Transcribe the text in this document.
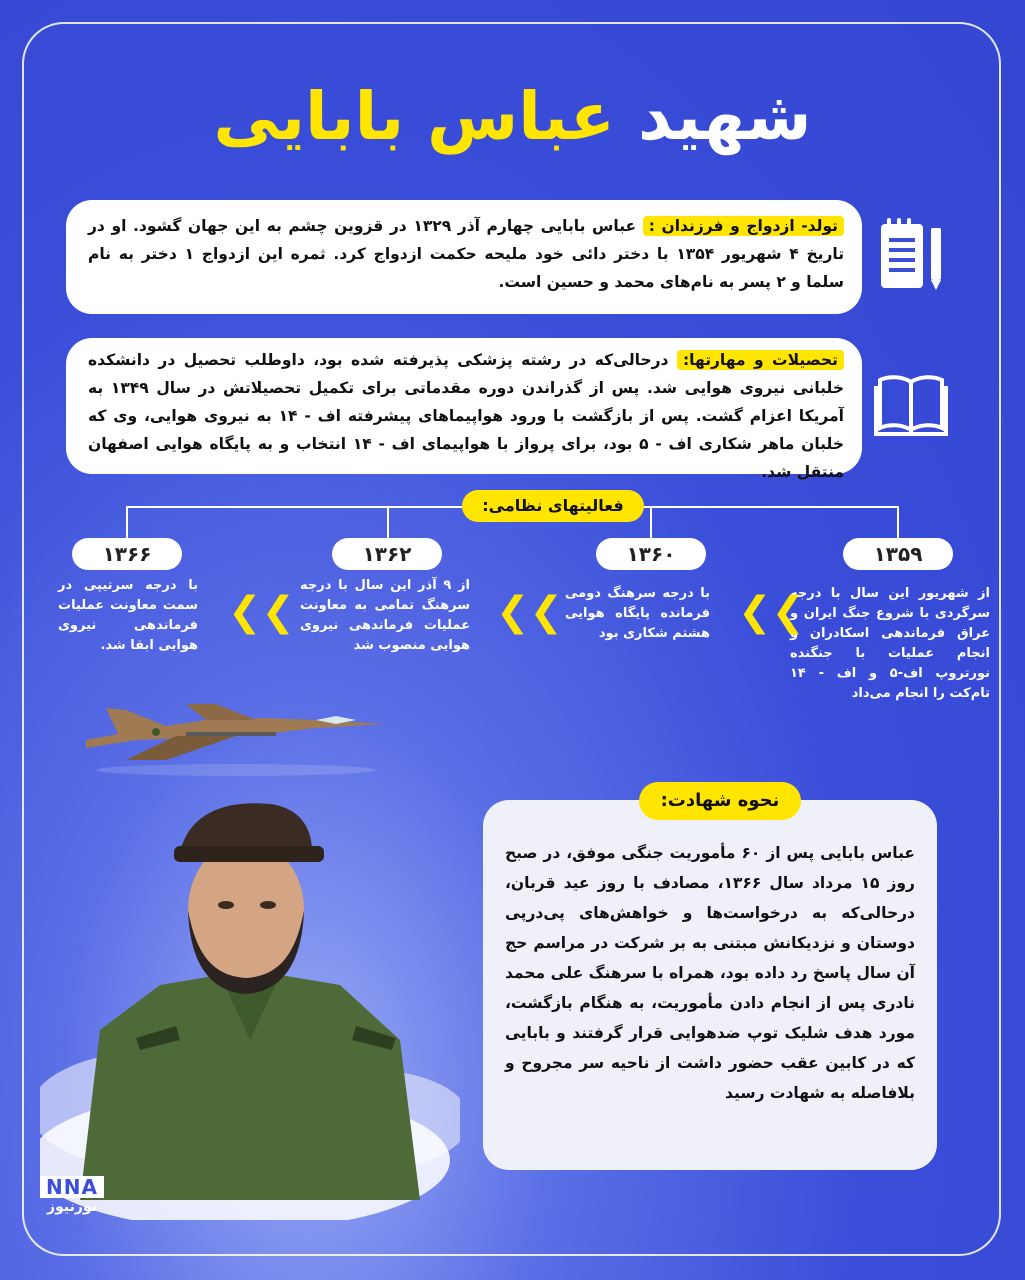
شهید عباس بابایی

تولد- ازدواج و فرزندان : عباس بابایی چهارم آذر ۱۳۲۹ در قزوین چشم به این جهان گشود. او در تاریخ ۴ شهریور ۱۳۵۴ با دختر دائی خود ملیحه حکمت ازدواج کرد. ثمره این ازدواج ۱ دختر به نام سلما و ۲ پسر به نام‌های محمد و حسین است.

تحصیلات و مهارتها: درحالی‌که در رشته پزشکی پذیرفته شده بود، داوطلب تحصیل در دانشکده خلبانی نیروی هوایی شد. پس از گذراندن دوره مقدماتی برای تکمیل تحصیلاتش در سال ۱۳۴۹ به آمریکا اعزام گشت. پس از بازگشت با ورود هواپیماهای پیشرفته اف - ۱۴ به نیروی هوایی، وی که خلبان ماهر شکاری اف - ۵ بود، برای پرواز با هواپیمای اف - ۱۴ انتخاب و به پایگاه هوایی اصفهان منتقل شد.

فعالیتهای نظامی:
۱۳۵۹
۱۳۶۰
۱۳۶۲
۱۳۶۶
از شهریور این سال با درجه سرگردی با شروع جنگ ایران و عراق فرماندهی اسکادران و انجام عملیات با جنگنده نورتروپ اف-۵ و اف - ۱۴ تام‌کت را انجام می‌داد
با درجه سرهنگ دومی فرمانده پایگاه هوایی هشتم شکاری بود
از ۹ آذر این سال با درجه سرهنگ تمامی به معاونت عملیات فرماندهی نیروی هوایی منصوب شد
با درجه سرتیپی در سمت معاونت عملیات فرماندهی نیروی هوایی ابقا شد.
❮❮
❮❮
❮❮

عباس بابایی پس از ۶۰ مأموریت جنگی موفق، در صبح روز ۱۵ مرداد سال ۱۳۶۶، مصادف با روز عید قربان، درحالی‌که به درخواست‌ها و خواهش‌های پی‌درپی دوستان و نزدیکانش مبتنی به بر شرکت در مراسم حج آن سال پاسخ رد داده بود، همراه با سرهنگ علی محمد نادری پس از انجام دادن مأموریت، به هنگام بازگشت، مورد هدف شلیک توپ ضدهوایی قرار گرفتند و بابایی که در کابین عقب حضور داشت از ناحیه سر مجروح و بلافاصله به شهادت رسید

نحوه شهادت:
NNA
نورنیوز
